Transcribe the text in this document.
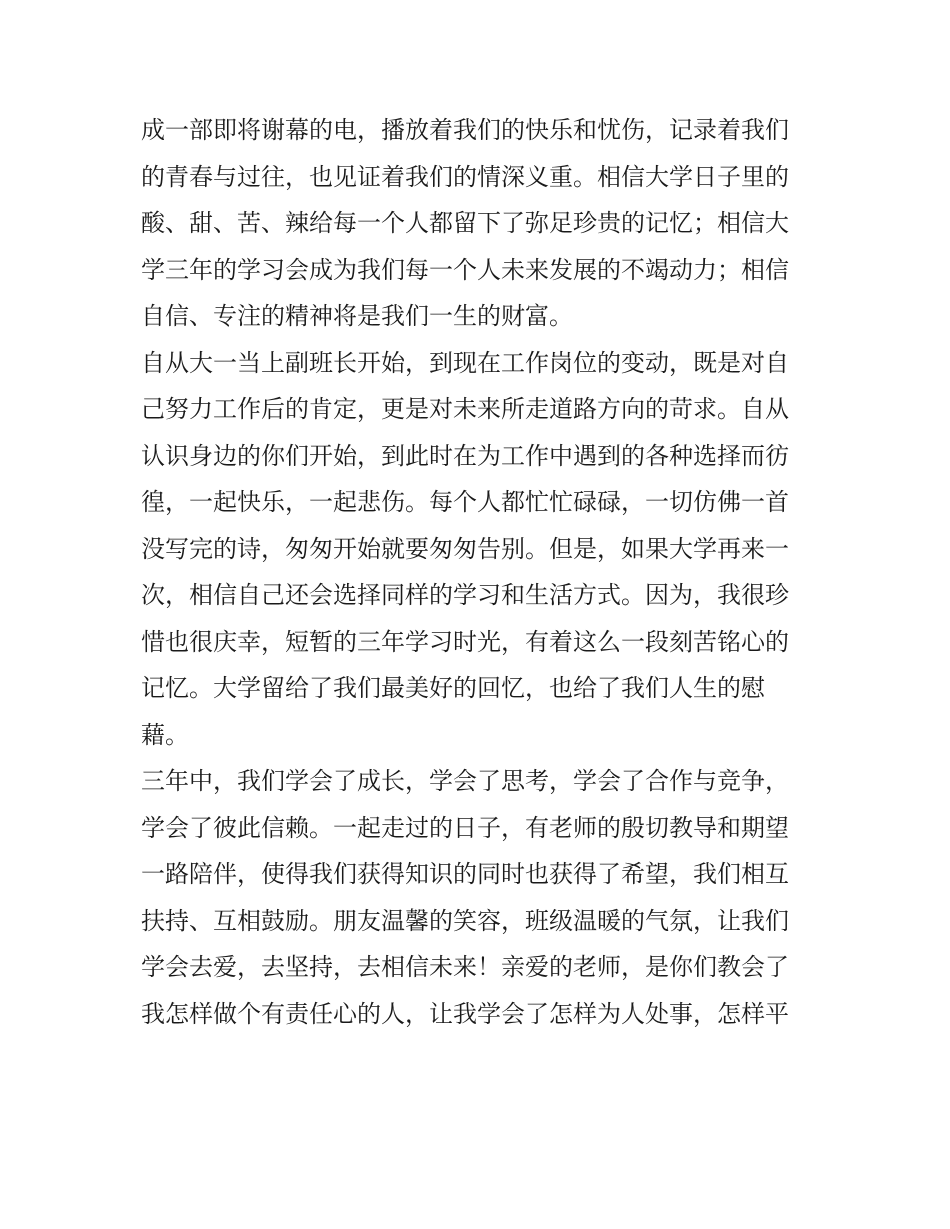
成一部即将谢幕的电，播放着我们的快乐和忧伤，记录着我们
的青春与过往，也见证着我们的情深义重。相信大学日子里的
酸、甜、苦、辣给每一个人都留下了弥足珍贵的记忆；相信大
学三年的学习会成为我们每一个人未来发展的不竭动力；相信
自信、专注的精神将是我们一生的财富。
自从大一当上副班长开始，到现在工作岗位的变动，既是对自
己努力工作后的肯定，更是对未来所走道路方向的苛求。自从
认识身边的你们开始，到此时在为工作中遇到的各种选择而彷
徨，一起快乐，一起悲伤。每个人都忙忙碌碌，一切仿佛一首
没写完的诗，匆匆开始就要匆匆告别。但是，如果大学再来一
次，相信自己还会选择同样的学习和生活方式。因为，我很珍
惜也很庆幸，短暂的三年学习时光，有着这么一段刻苦铭心的
记忆。大学留给了我们最美好的回忆，也给了我们人生的慰
藉。
三年中，我们学会了成长，学会了思考，学会了合作与竞争，
学会了彼此信赖。一起走过的日子，有老师的殷切教导和期望
一路陪伴，使得我们获得知识的同时也获得了希望，我们相互
扶持、互相鼓励。朋友温馨的笑容，班级温暖的气氛，让我们
学会去爱，去坚持，去相信未来！亲爱的老师，是你们教会了
我怎样做个有责任心的人，让我学会了怎样为人处事，怎样平
